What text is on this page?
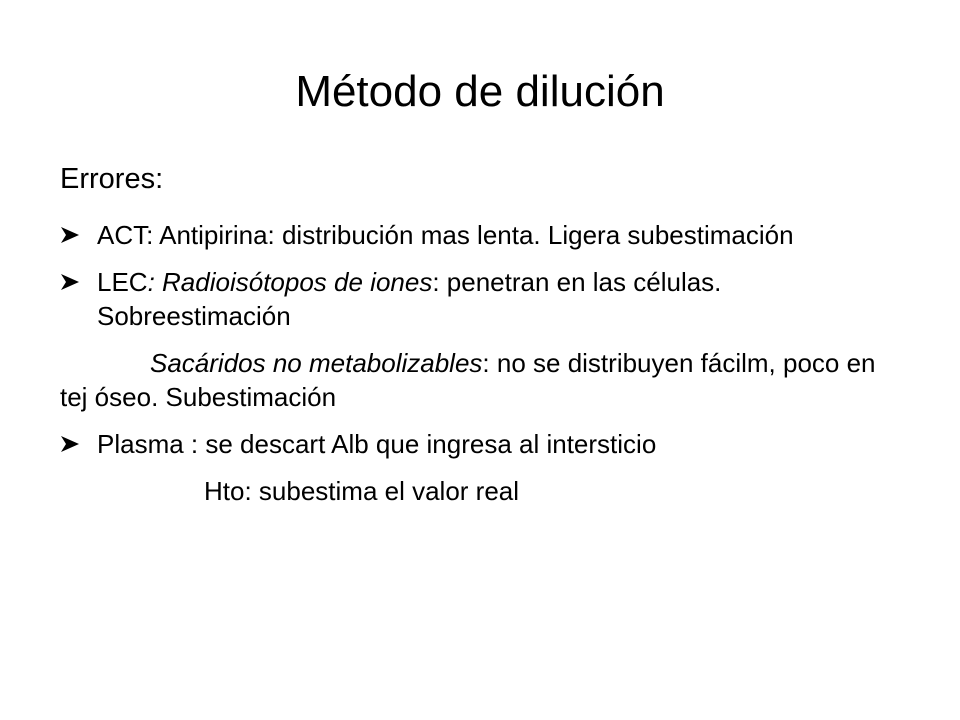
Método de dilución

Errores:

ACT: Antipirina: distribución mas lenta. Ligera subestimación

LEC: Radioisótopos de iones: penetran en las células. Sobreestimación

Sacáridos no metabolizables: no se distribuyen fácilm, poco en tej óseo. Subestimación

Plasma : se descart Alb que ingresa al intersticio

Hto: subestima el valor real
